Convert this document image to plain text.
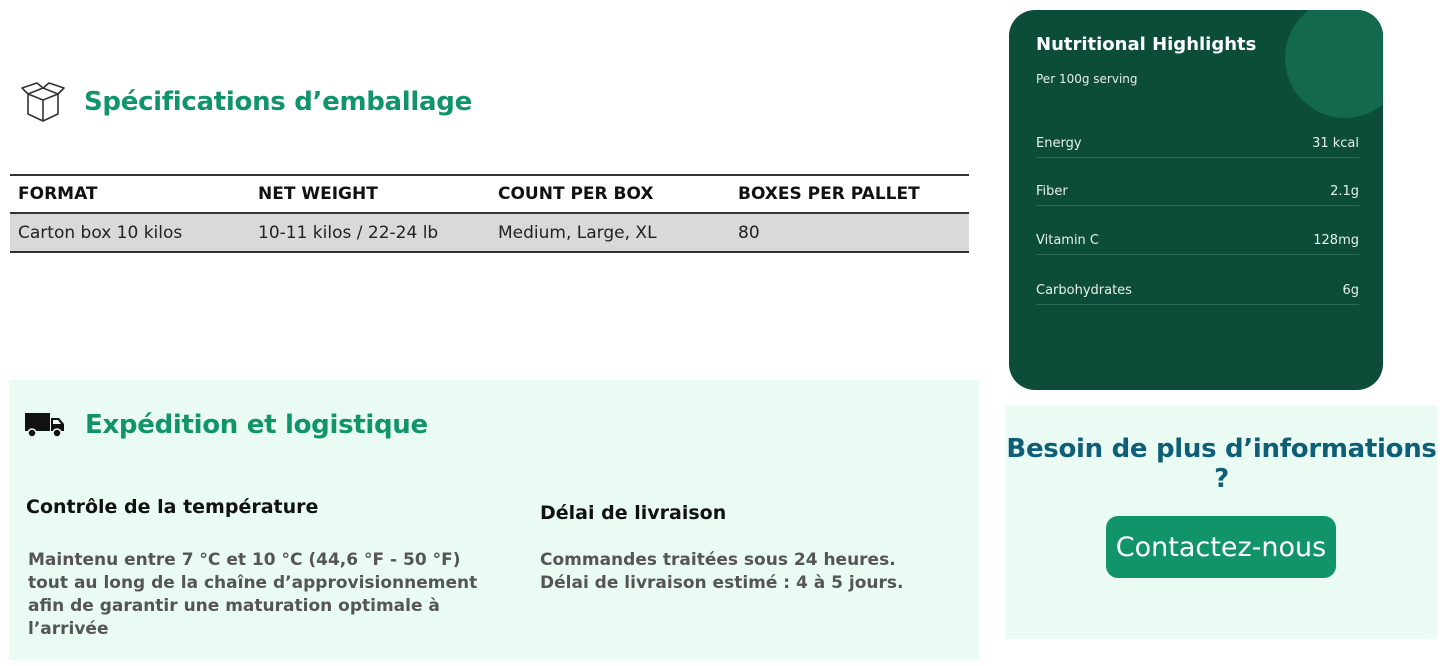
Spécifications d’emballage
FORMAT	NET WEIGHT	COUNT PER BOX	BOXES PER PALLET
Carton box 10 kilos	10-11 kilos / 22-24 lb	Medium, Large, XL	80
Expédition et logistique
Contrôle de la température

Maintenu entre 7 °C et 10 °C (44,6 °F - 50 °F) tout au long de la chaîne d’approvisionnement afin de garantir une maturation optimale à l’arrivée

Délai de livraison

Commandes traitées sous 24 heures. Délai de livraison estimé : 4 à 5 jours.

Nutritional Highlights

Per 100g serving

Energy	31 kcal
Fiber	2.1g
Vitamin C	128mg
Carbohydrates	6g
Besoin de plus d’informations ?
Contactez-nous
